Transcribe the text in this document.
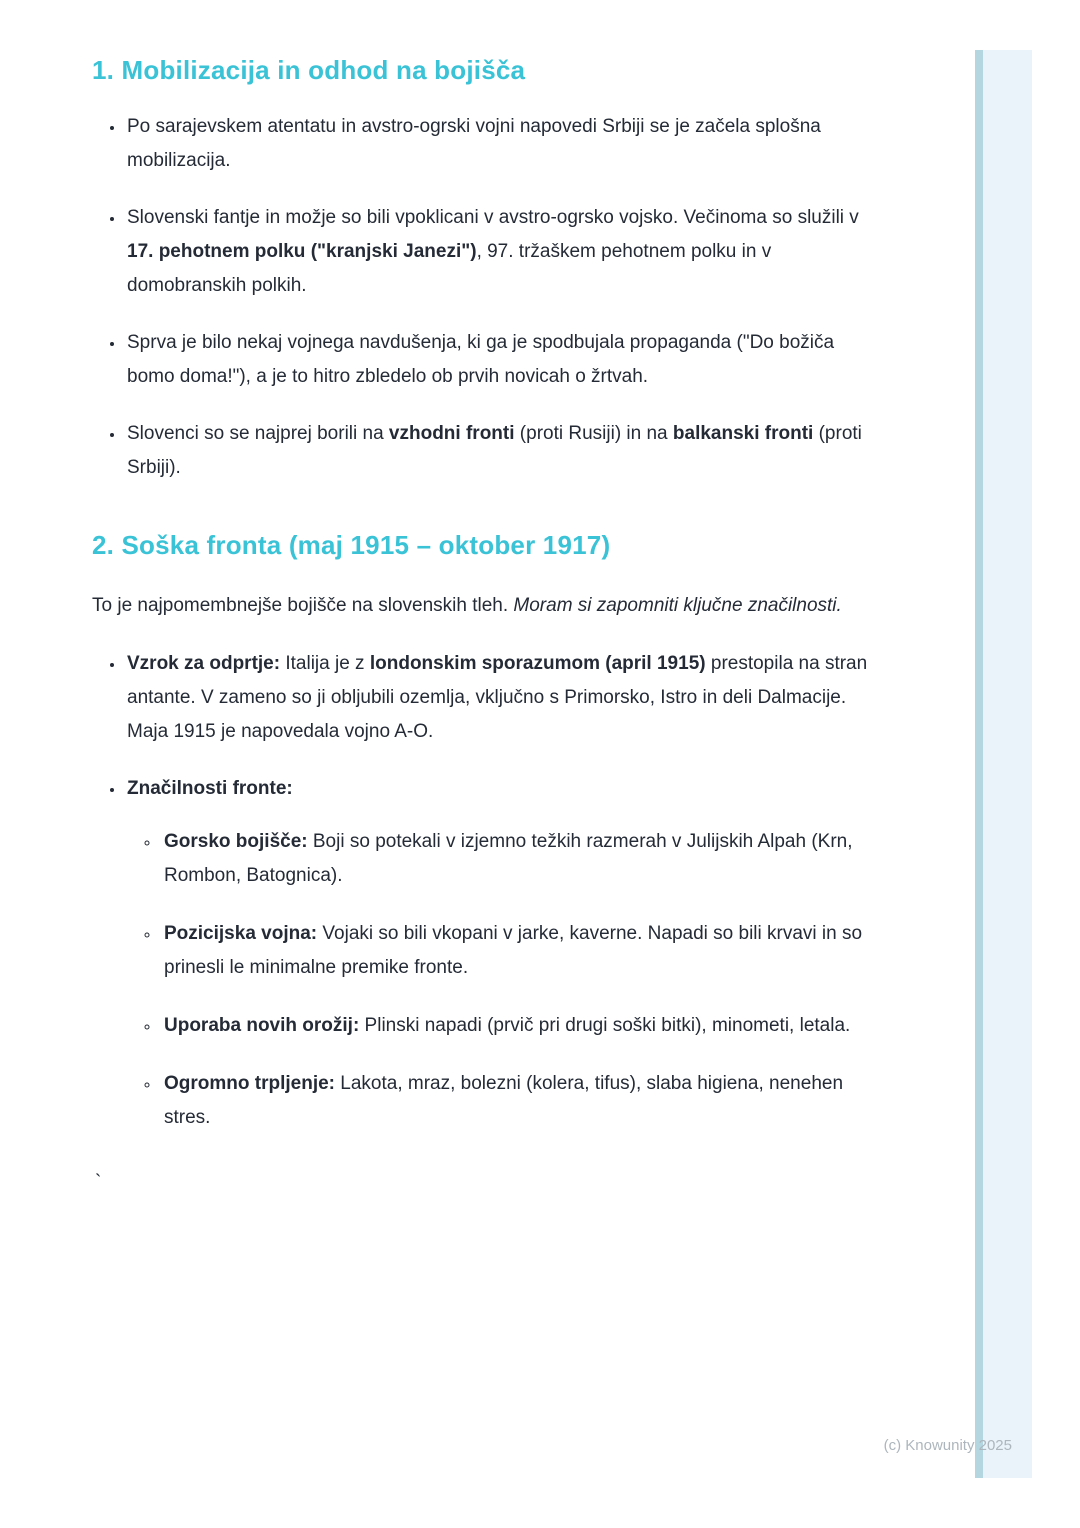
1. Mobilizacija in odhod na bojišča
• Po sarajevskem atentatu in avstro-ogrski vojni napovedi Srbiji se je začela splošna mobilizacija.
• Slovenski fantje in možje so bili vpoklicani v avstro-ogrsko vojsko. Večinoma so služili v 17. pehotnem polku ("kranjski Janezi"), 97. tržaškem pehotnem polku in v domobranskih polkih.
• Sprva je bilo nekaj vojnega navdušenja, ki ga je spodbujala propaganda ("Do božiča bomo doma!"), a je to hitro zbledelo ob prvih novicah o žrtvah.
• Slovenci so se najprej borili na vzhodni fronti (proti Rusiji) in na balkanski fronti (proti Srbiji).
2. Soška fronta (maj 1915 – oktober 1917)

To je najpomembnejše bojišče na slovenskih tleh. Moram si zapomniti ključne značilnosti.

• Vzrok za odprtje: Italija je z londonskim sporazumom (april 1915) prestopila na stran antante. V zameno so ji obljubili ozemlja, vključno s Primorsko, Istro in deli Dalmacije. Maja 1915 je napovedala vojno A-O.
• Značilnosti fronte:
◦ Gorsko bojišče: Boji so potekali v izjemno težkih razmerah v Julijskih Alpah (Krn, Rombon, Batognica).
◦ Pozicijska vojna: Vojaki so bili vkopani v jarke, kaverne. Napadi so bili krvavi in so prinesli le minimalne premike fronte.
◦ Uporaba novih orožij: Plinski napadi (prvič pri drugi soški bitki), minometi, letala.
◦ Ogromno trpljenje: Lakota, mraz, bolezni (kolera, tifus), slaba higiena, nenehen stres.
`
(c) Knowunity 2025
